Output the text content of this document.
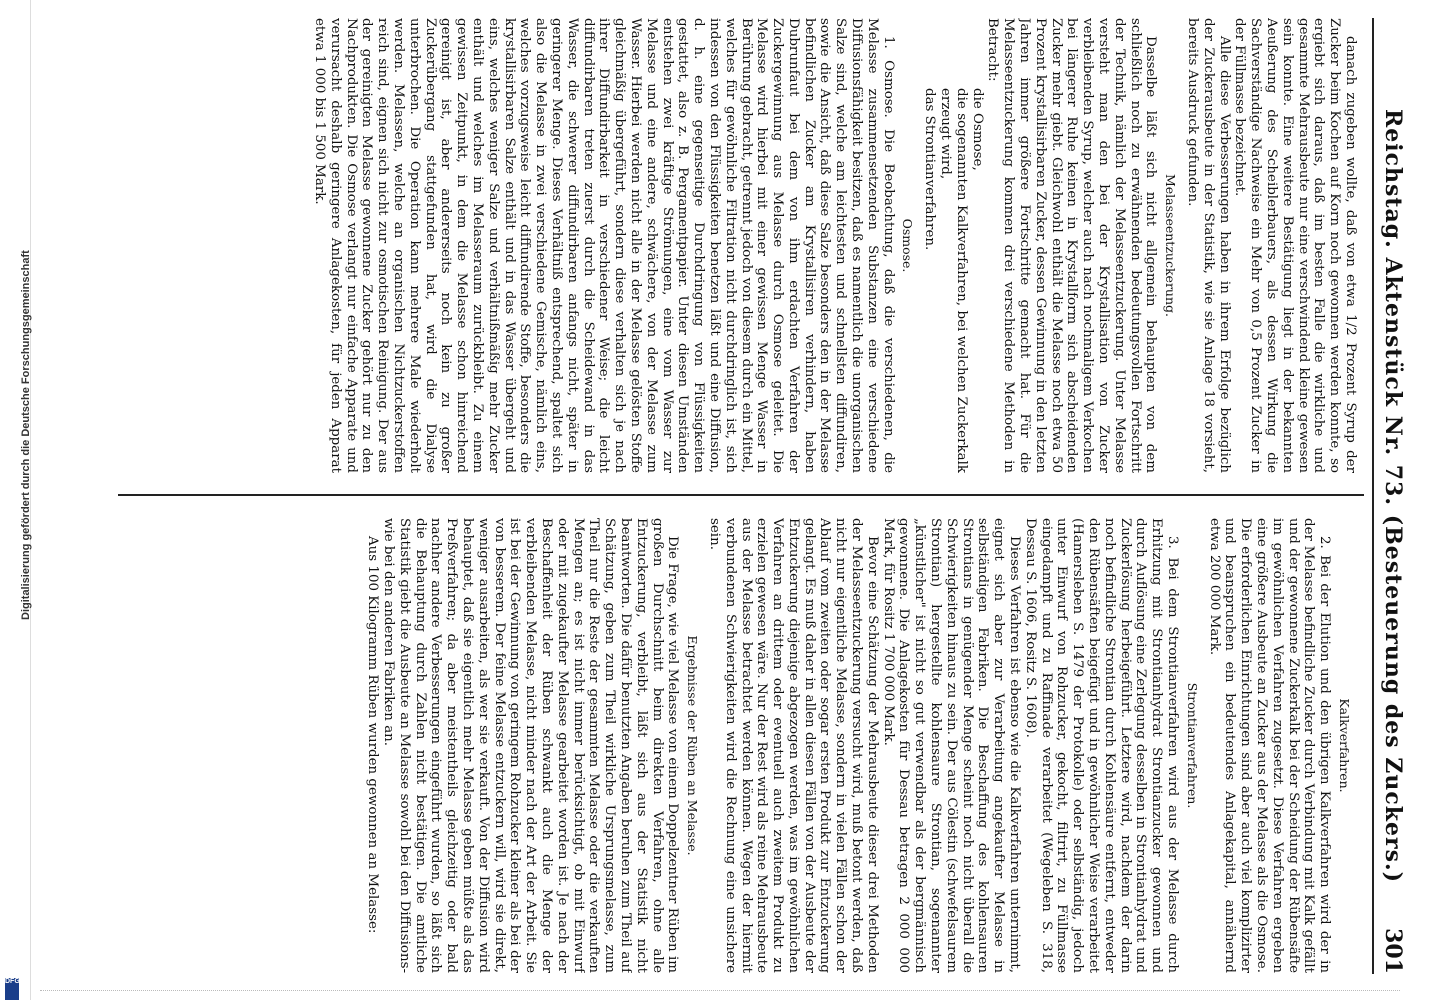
Digitalisierung gefördert durch die Deutsche Forschungsgemeinschaft
DFG
Reichstag. Aktenstück Nr. 73. (Besteuerung des Zuckers.)
301

danach zugeben wollte, daß von etwa 1/2 Prozent Syrup der Zucker beim Kochen auf Korn noch gewonnen werden konnte, so ergiebt sich daraus, daß im besten Falle die wirkliche und gesammte Mehrausbeute nur eine verschwindend kleine gewesen sein konnte. Eine weitere Bestätigung liegt in der bekannten Aeußerung des Scheiblerbauers, als dessen Wirkung die Sachverständige Nachweise ein Mehr von 0,5 Prozent Zucker in der Füllmasse bezeichnet.

Alle diese Verbesserungen haben in ihrem Erfolge bezüglich der Zuckerausbeute in der Statistik, wie sie Anlage 18 vorsieht, bereits Ausdruck gefunden.

Melasseentzuckerung.

Dasselbe läßt sich nicht allgemein behaupten von dem schließlich noch zu erwähnenden bedeutungsvollen Fortschritt der Technik, nämlich der Melasseentzuckerung. Unter Melasse versteht man den bei der Krystallisation von Zucker verbleibenden Syrup, welcher auch nach nochmaligem Verkochen bei längerer Ruhe keinen in Krystallform sich abscheidenden Zucker mehr giebt. Gleichwohl enthält die Melasse noch etwa 50 Prozent krystallisirbaren Zucker, dessen Gewinnung in den letzten Jahren immer größere Fortschritte gemacht hat. Für die Melasseentzuckerung kommen drei verschiedene Methoden in Betracht:

die Osmose,

die sogenannten Kalkverfahren, bei welchen Zuckerkalk erzeugt wird,

das Strontianverfahren.

Osmose.

1. Osmose. Die Beobachtung, daß die verschiedenen, die Melasse zusammensetzenden Substanzen eine verschiedene Diffusionsfähigkeit besitzen, daß es namentlich die unorganischen Salze sind, welche am leichtesten und schnellsten diffundiren, sowie die Ansicht, daß diese Salze besonders den in der Melasse befindlichen Zucker am Krystallisiren verhindern, haben Dubrunfaut bei dem von ihm erdachten Verfahren der Zuckergewinnung aus Melasse durch Osmose geleitet. Die Melasse wird hierbei mit einer gewissen Menge Wasser in Berührung gebracht, getrennt jedoch von diesem durch ein Mittel, welches für gewöhnliche Filtration nicht durchdringlich ist, sich indessen von den Flüssigkeiten benetzen läßt und eine Diffusion, d. h. eine gegenseitige Durchdringung von Flüssigkeiten gestattet, also z. B. Pergamentpapier. Unter diesen Umständen entstehen zwei kräftige Strömungen, eine vom Wasser zur Melasse und eine andere, schwächere, von der Melasse zum Wasser. Hierbei werden nicht alle in der Melasse gelösten Stoffe gleichmäßig übergeführt, sondern diese verhalten sich je nach ihrer Diffundirbarkeit in verschiedener Weise; die leicht diffundirbaren treten zuerst durch die Scheidewand in das Wasser, die schwerer diffundirbaren anfangs nicht, später in geringerer Menge. Dieses Verhältniß entsprechend, spaltet sich also die Melasse in zwei verschiedene Gemische, nämlich eins, welches vorzugsweise leicht diffundirende Stoffe, besonders die krystallisirbaren Salze enthält und in das Wasser übergeht und eins, welches weniger Salze und verhältnißmäßig mehr Zucker enthält und welches im Melasseraum zurückbleibt. Zu einem gewissen Zeitpunkt, in dem die Melasse schon hinreichend gereinigt ist, aber andererseits noch kein zu großer Zuckerübergang stattgefunden hat, wird die Dialyse unterbrochen. Die Operation kann mehrere Male wiederholt werden. Melassen, welche an organischen Nichtzuckerstoffen reich sind, eignen sich nicht zur osmotischen Reinigung. Der aus der gereinigten Melasse gewonnene Zucker gehört nur zu den Nachprodukten. Die Osmose verlangt nur einfache Apparate und verursacht deshalb geringere Anlagekosten, für jeden Apparat etwa 1 000 bis 1 500 Mark.

Kalkverfahren.

2. Bei der Elution und den übrigen Kalkverfahren wird der in der Melasse befindliche Zucker durch Verbindung mit Kalk gefällt und der gewonnene Zuckerkalk bei der Scheidung der Rübensäfte im gewöhnlichen Verfahren zugesetzt. Diese Verfahren ergeben eine größere Ausbeute an Zucker aus der Melasse als die Osmose. Die erforderlichen Einrichtungen sind aber auch viel komplizirter und beanspruchen ein bedeutendes Anlagekapital, annähernd etwa 200 000 Mark.

Strontianverfahren.

3. Bei dem Strontianverfahren wird aus der Melasse durch Erhitzung mit Strontianhydrat Strontianzucker gewonnen und durch Auflösung eine Zerlegung desselben in Strontianhydrat und Zuckerlösung herbeigeführt. Letztere wird, nachdem der darin noch befindliche Strontian durch Kohlensäure entfernt, entweder den Rübensäften beigefügt und in gewöhnlicher Weise verarbeitet (Hamersleben S. 1479 der Protokolle) oder selbständig, jedoch unter Einwurf von Rohzucker, gekocht, filtrirt, zu Füllmasse eingedampft und zu Raffinade verarbeitet (Wegeleben S. 318, Dessau S. 1606, Rositz S. 1608).

Dieses Verfahren ist ebenso wie die Kalkverfahren unternimmt, eignet sich aber zur Verarbeitung angekaufter Melasse in selbständigen Fabriken. Die Beschaffung des kohlensauren Strontians in genügender Menge scheint noch nicht überall die Schwierigkeiten hinaus zu sein. Der aus Cölestin (schwefelsaurem Strontian) hergestellte kohlensaure Strontian, sogenannter „künstlicher" ist nicht so gut verwendbar als der bergmännisch gewonnene. Die Anlagekosten für Dessau betragen 2 000 000 Mark, für Rositz 1 700 000 Mark.

Bevor eine Schätzung der Mehrausbeute dieser drei Methoden der Melasseentzuckerung versucht wird, muß betont werden, daß nicht nur eigentliche Melasse, sondern in vielen Fällen schon der Ablauf vom zweiten oder sogar ersten Produkt zur Entzuckerung gelangt. Es muß daher in allen diesen Fällen von der Ausbeute der Entzuckerung diejenige abgezogen werden, was im gewöhnlichen Verfahren an drittem oder eventuell auch zweitem Produkt zu erzielen gewesen wäre. Nur der Rest wird als reine Mehrausbeute aus der Melasse betrachtet werden können. Wegen der hiermit verbundenen Schwierigkeiten wird die Rechnung eine unsichere sein.

Ergebnisse der Rüben an Melasse.

Die Frage, wie viel Melasse von einem Doppelzentner Rüben im großen Durchschnitt beim direkten Verfahren, ohne alle Entzuckerung, verbleibt, läßt sich aus der Statistik nicht beantworten. Die dafür benutzten Angaben beruhen zum Theil auf Schätzung, geben zum Theil wirkliche Ursprungsmelasse, zum Theil nur die Reste der gesammten Melasse oder die verkauften Mengen an; es ist nicht immer berücksichtigt, ob mit Einwurf oder mit zugekaufter Melasse gearbeitet worden ist. Je nach der Beschaffenheit der Rüben schwankt auch die Menge der verbleibenden Melasse, nicht minder nach der Art der Arbeit. Sie ist bei der Gewinnung von geringem Rohzucker kleiner als bei der von besserem. Der feine Melasse entzuckern will, wird sie direkt, weniger ausarbeiten, als wer sie verkauft. Von der Diffusion wird behauptet, daß sie eigentlich mehr Melasse geben müßte als das Preßverfahren; da aber meistentheils gleichzeitig oder bald nachher andere Verbesserungen eingeführt wurden, so läßt sich die Behauptung durch Zahlen nicht bestätigen. Die amtliche Statistik giebt die Ausbeute an Melasse sowohl bei den Diffusions- wie bei den anderen Fabriken an.

Aus 100 Kilogramm Rüben wurden gewonnen an Melasse:
